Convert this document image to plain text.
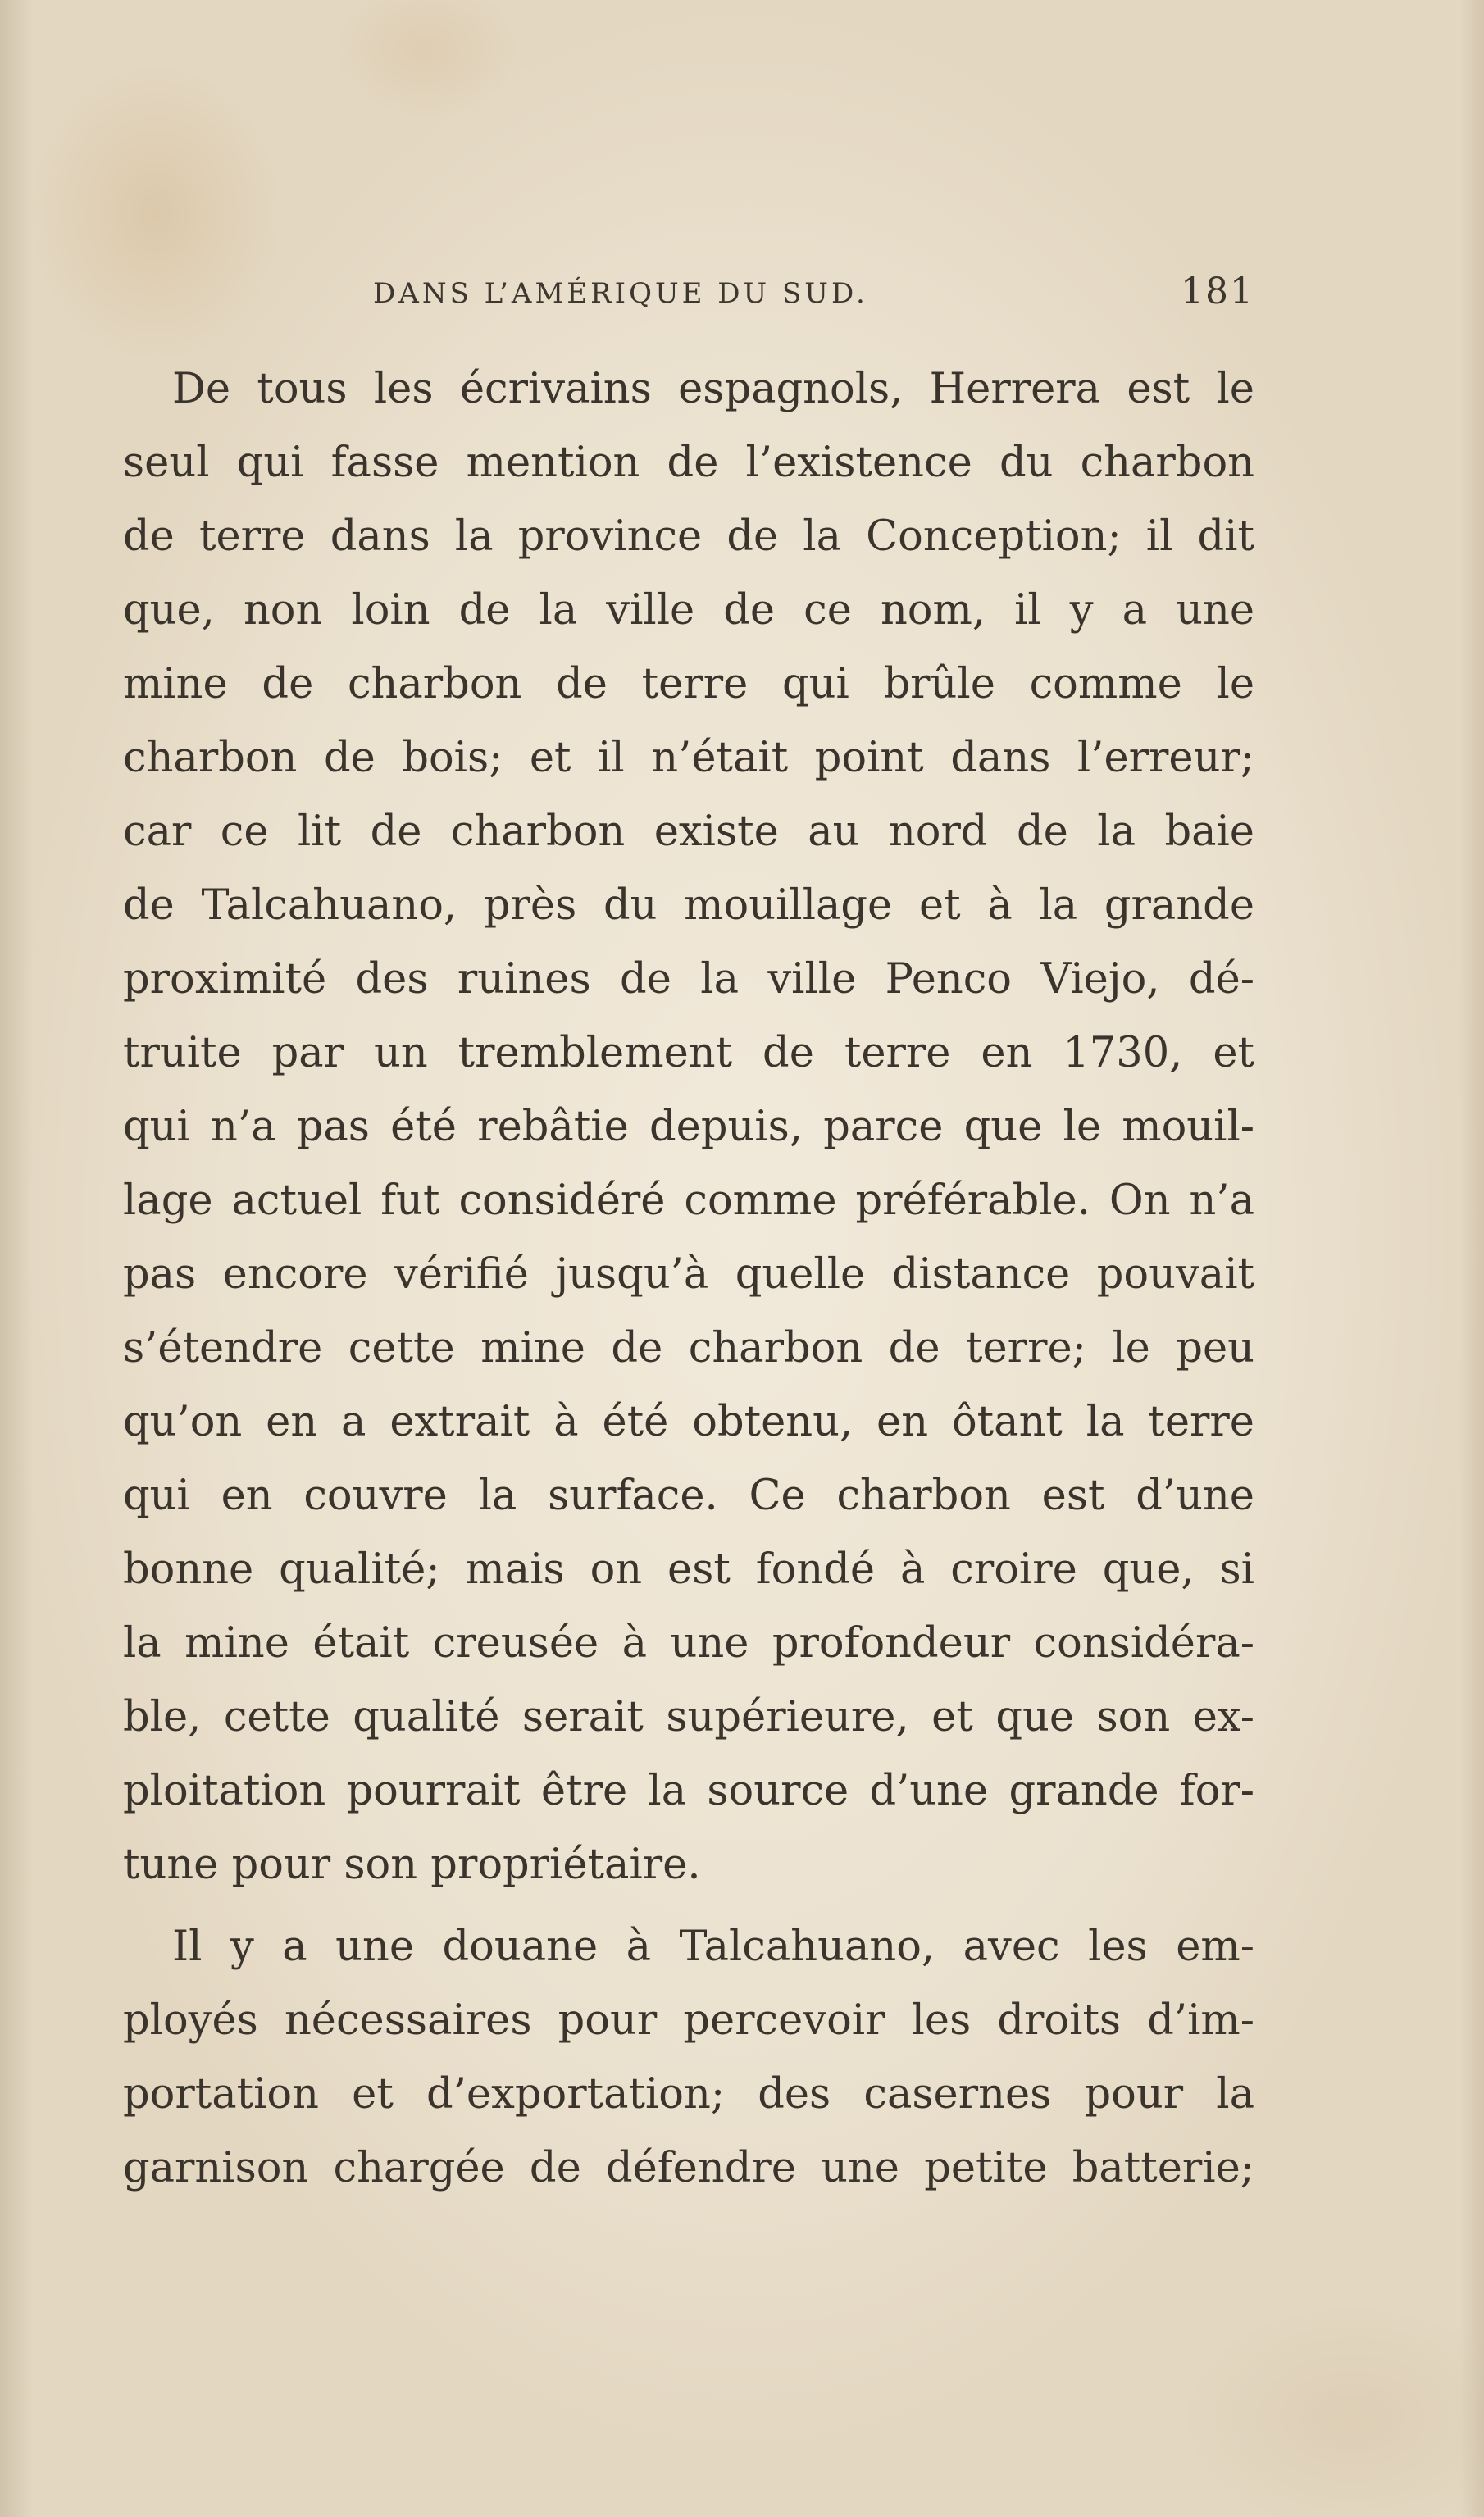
DANS L’AMÉRIQUE DU SUD.	181
De tous les écrivains espagnols, Herrera est le
seul qui fasse mention de l’existence du charbon
de terre dans la province de la Conception; il dit
que, non loin de la ville de ce nom, il y a une
mine de charbon de terre qui brûle comme le
charbon de bois; et il n’était point dans l’erreur;
car ce lit de charbon existe au nord de la baie
de Talcahuano, près du mouillage et à la grande
proximité des ruines de la ville Penco Viejo, dé-
truite par un tremblement de terre en 1730, et
qui n’a pas été rebâtie depuis, parce que le mouil-
lage actuel fut considéré comme préférable. On n’a
pas encore vérifié jusqu’à quelle distance pouvait
s’étendre cette mine de charbon de terre; le peu
qu’on en a extrait à été obtenu, en ôtant la terre
qui en couvre la surface. Ce charbon est d’une
bonne qualité; mais on est fondé à croire que, si
la mine était creusée à une profondeur considéra-
ble, cette qualité serait supérieure, et que son ex-
ploitation pourrait être la source d’une grande for-
tune pour son propriétaire.
Il y a une douane à Talcahuano, avec les em-
ployés nécessaires pour percevoir les droits d’im-
portation et d’exportation; des casernes pour la
garnison chargée de défendre une petite batterie;
